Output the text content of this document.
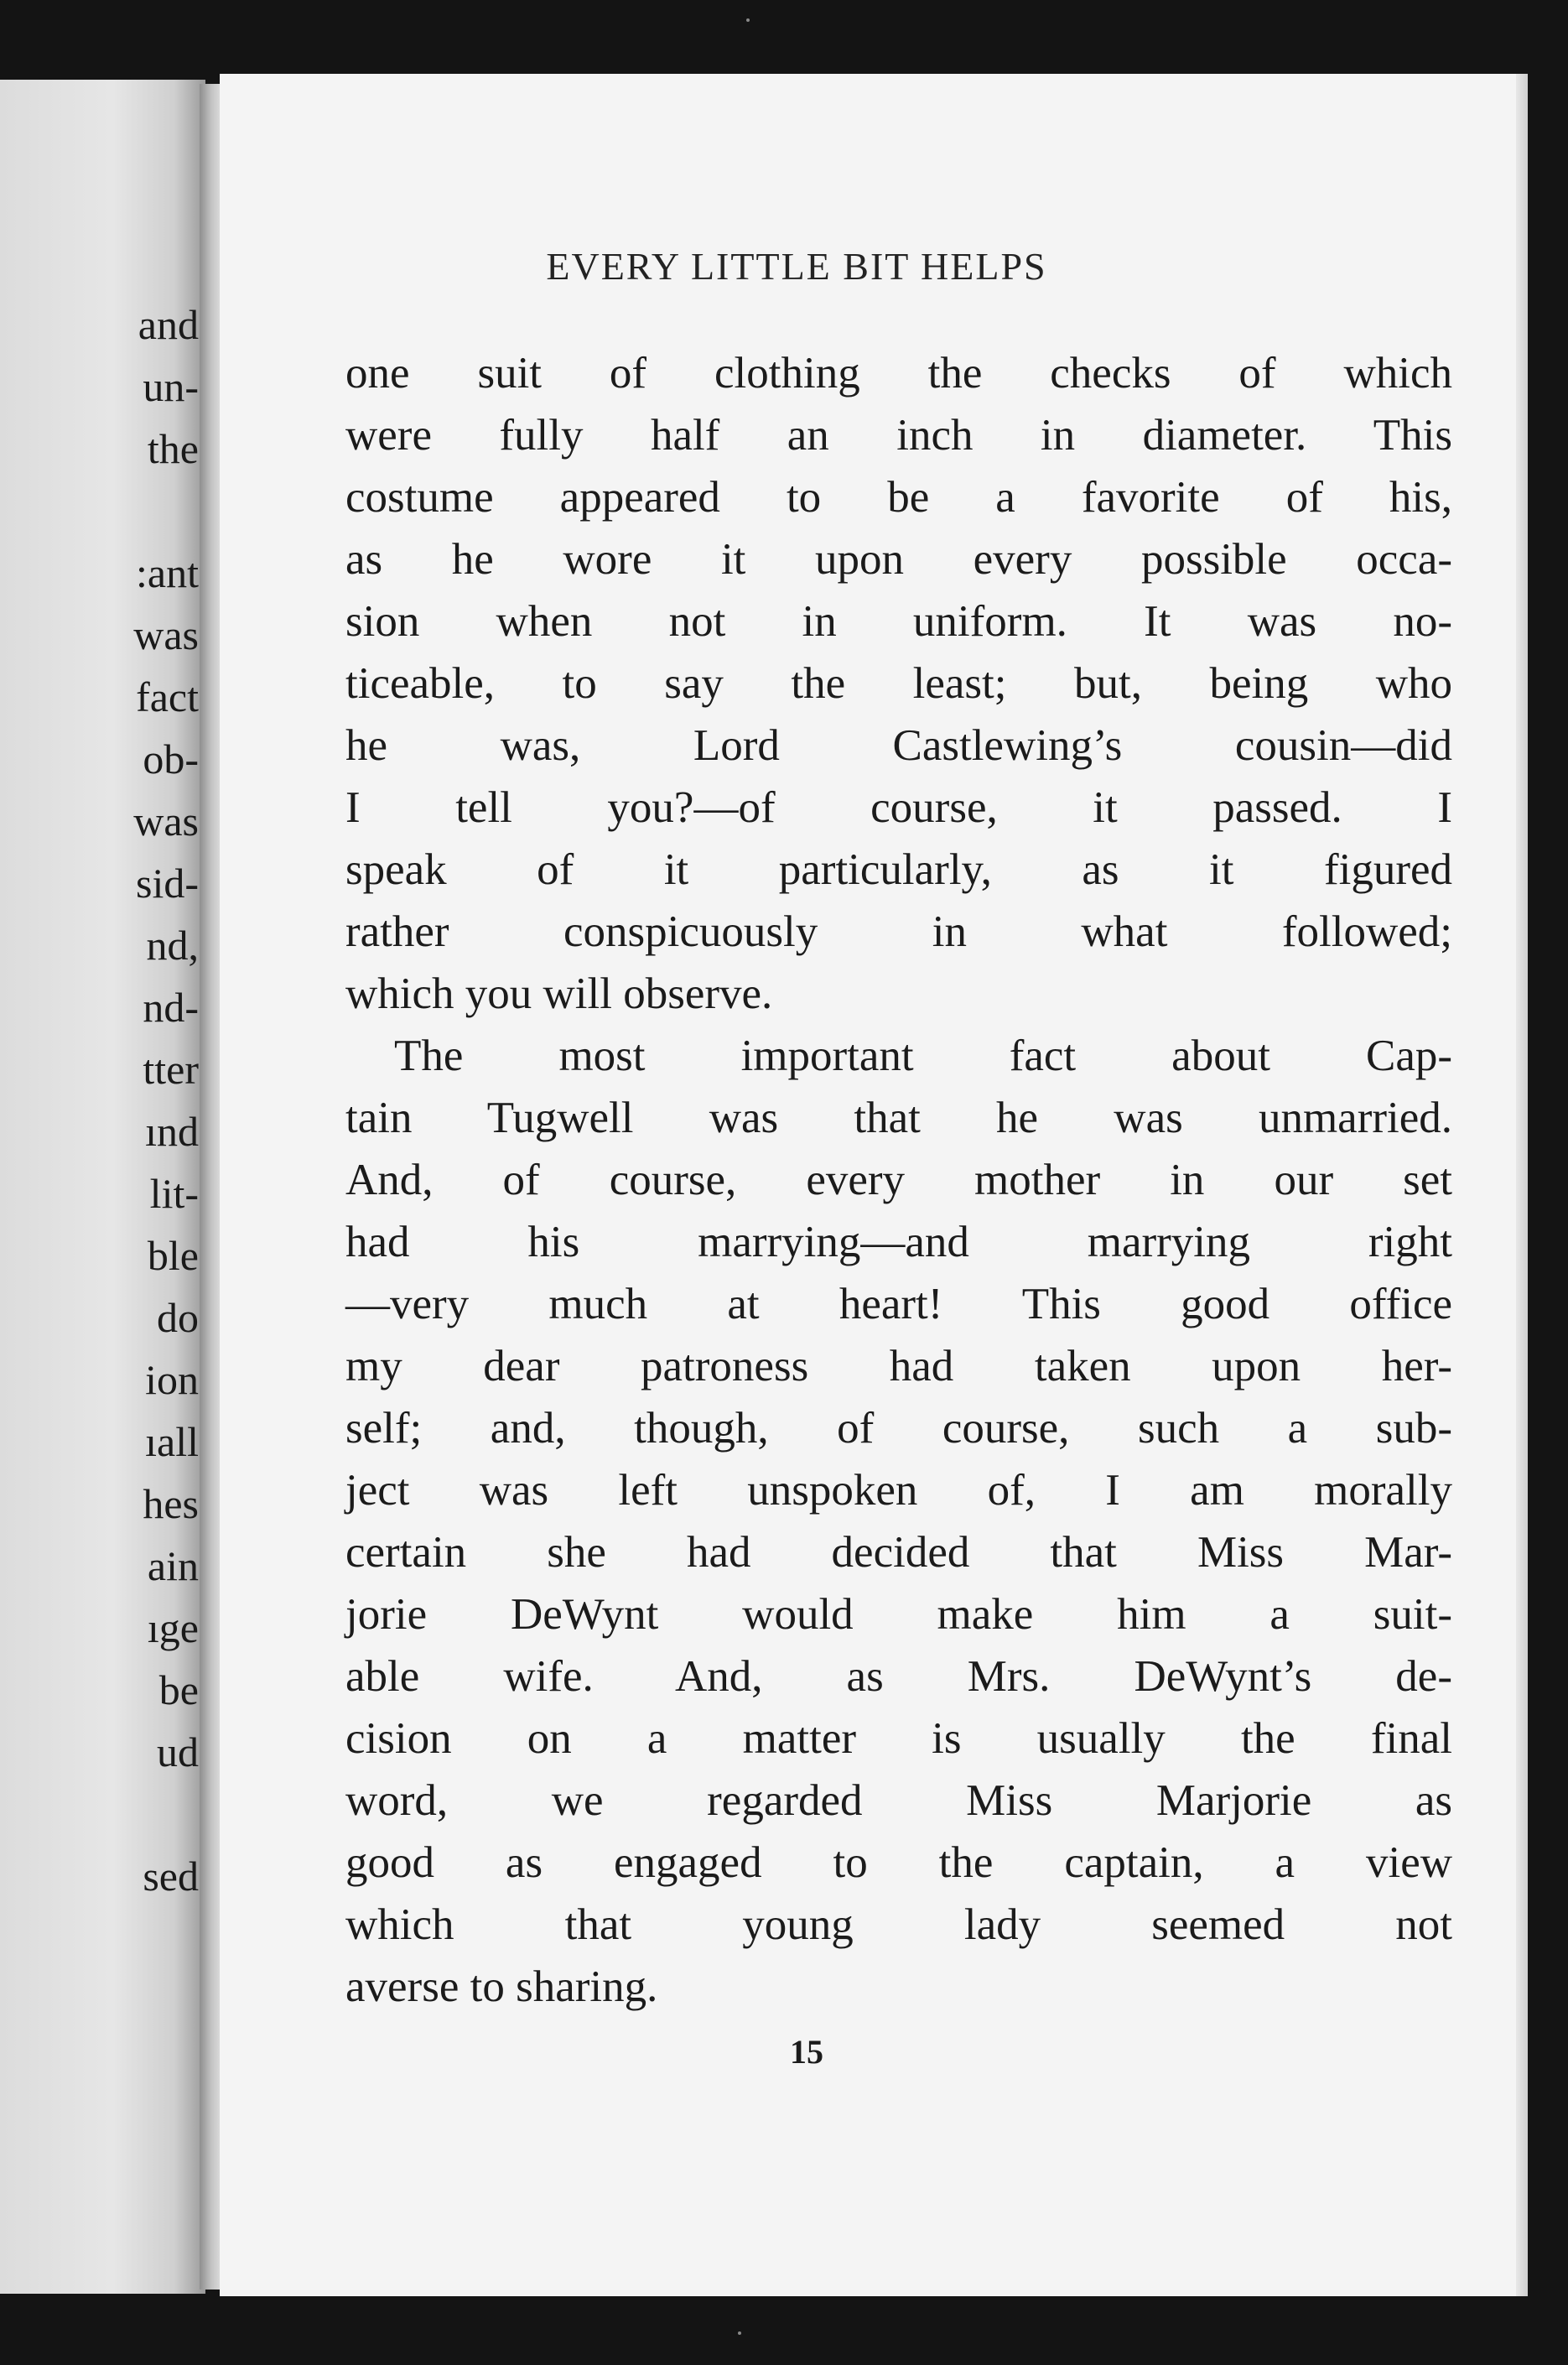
and
un-
the
:ant
was
fact
ob-
was
sid-
nd,
nd-
tter
ınd
lit-
ble
do
ion
ıall
hes
ain
ıge
be
ud
sed
EVERY LITTLE BIT HELPS
one suit of clothing the checks of which
were fully half an inch in diameter. This
costume appeared to be a favorite of his,
as he wore it upon every possible occa-
sion when not in uniform. It was no-
ticeable, to say the least; but, being who
he was, Lord Castlewing’s cousin—did
I tell you?—of course, it passed. I
speak of it particularly, as it figured
rather conspicuously in what followed;
which you will observe.
The most important fact about Cap-
tain Tugwell was that he was unmarried.
And, of course, every mother in our set
had his marrying—and marrying right
—very much at heart! This good office
my dear patroness had taken upon her-
self; and, though, of course, such a sub-
ject was left unspoken of, I am morally
certain she had decided that Miss Mar-
jorie DeWynt would make him a suit-
able wife. And, as Mrs. DeWynt’s de-
cision on a matter is usually the final
word, we regarded Miss Marjorie as
good as engaged to the captain, a view
which that young lady seemed not
averse to sharing.
15
